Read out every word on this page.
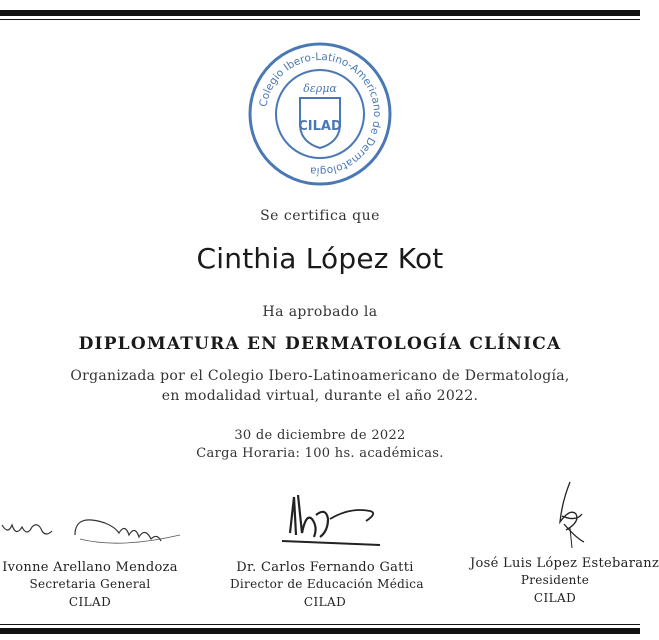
Colegio Ibero-Latino-Americano de Dermatología
δερμα
CILAD
Se certifica que
Cinthia López Kot
Ha aprobado la
DIPLOMATURA EN DERMATOLOGÍA CLÍNICA
Organizada por el Colegio Ibero-Latinoamericano de Dermatología,
en modalidad virtual, durante el año 2022.
30 de diciembre de 2022
Carga Horaria: 100 hs. académicas.
Ivonne Arellano Mendoza
Secretaria General
CILAD
Dr. Carlos Fernando Gatti
Director de Educación Médica
CILAD
José Luis López Estebaranz
Presidente
CILAD
